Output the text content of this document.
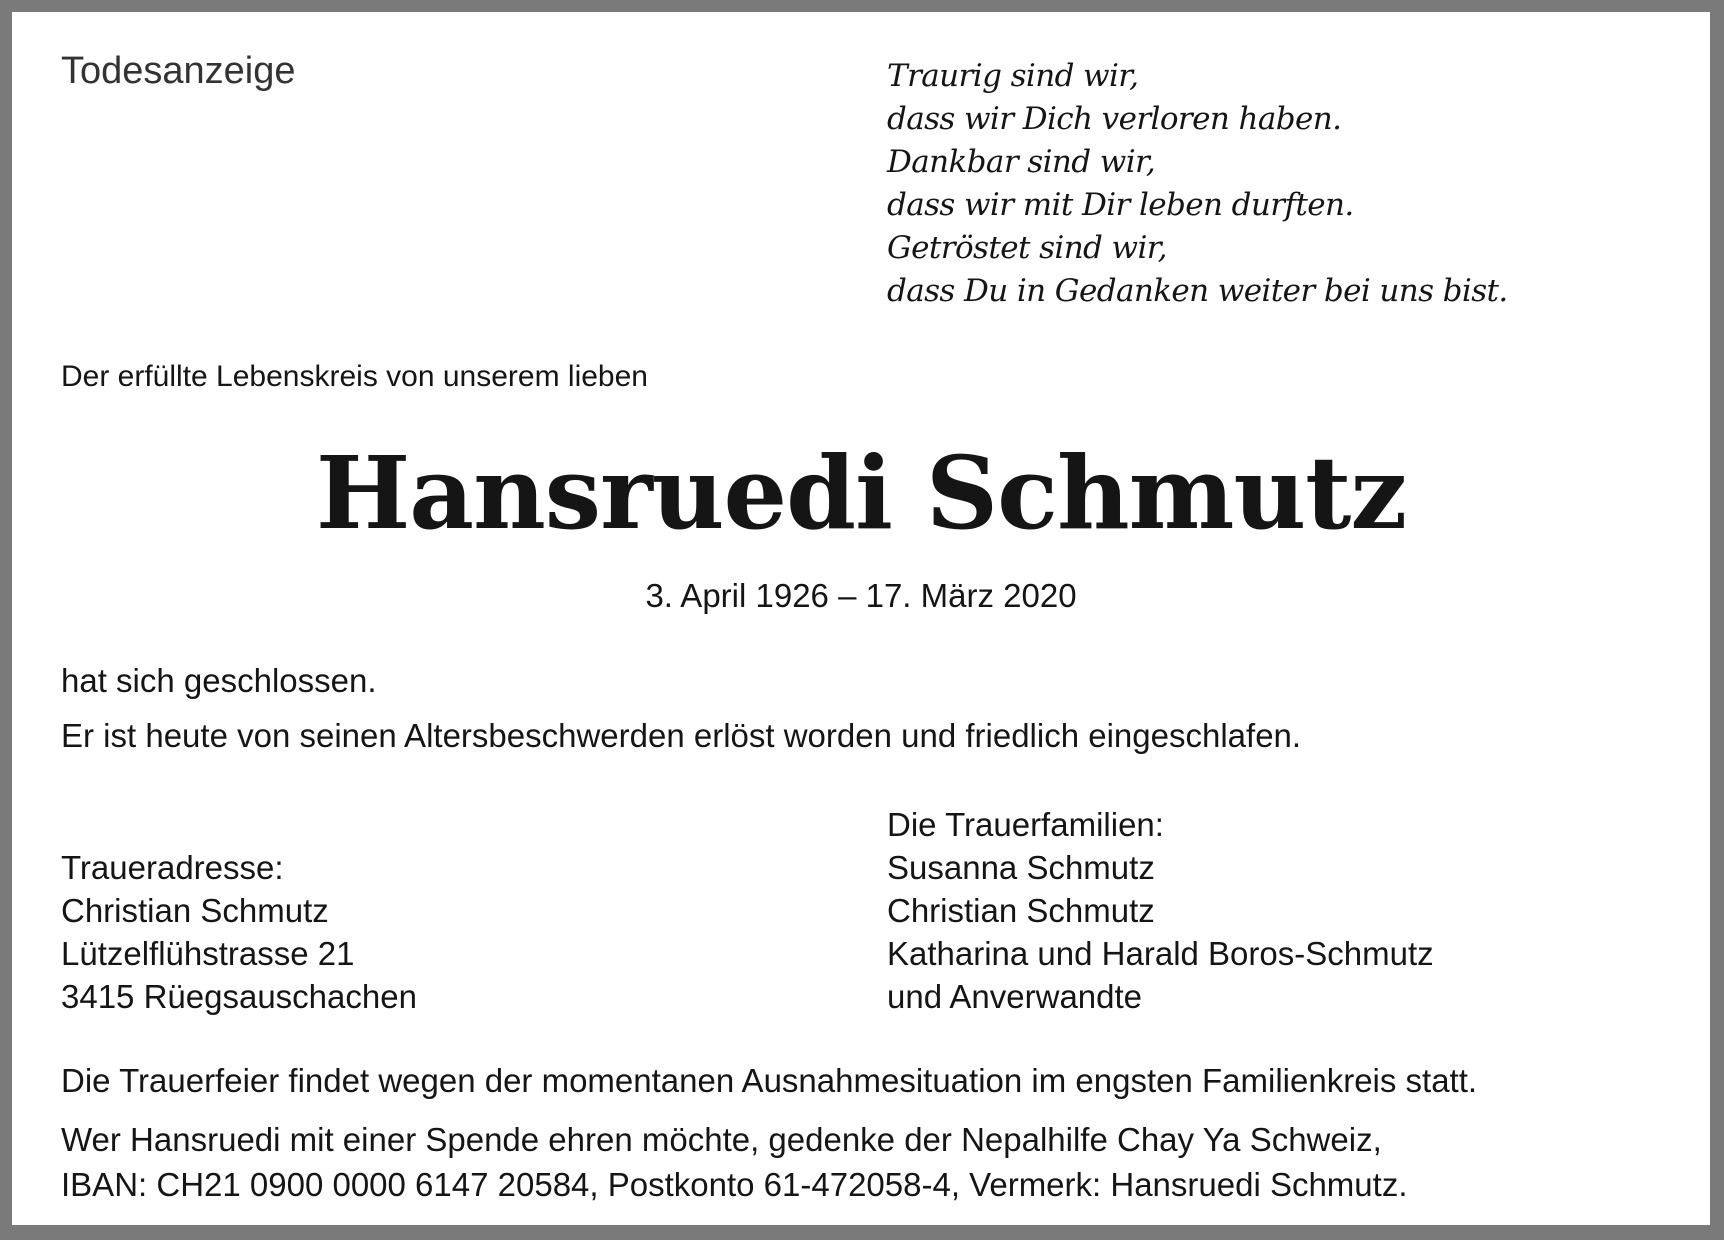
Todesanzeige	Traurig sind wir,
dass wir Dich verloren haben.
Dankbar sind wir,
dass wir mit Dir leben durften.
Getröstet sind wir,
dass Du in Gedanken weiter bei uns bist.

Der erfüllte Lebenskreis von unserem lieben

Hansruedi Schmutz

3. April 1926 – 17. März 2020

hat sich geschlossen.

Er ist heute von seinen Altersbeschwerden erlöst worden und friedlich eingeschlafen.

Traueradresse:
Christian Schmutz
Lützelflühstrasse 21
3415 Rüegsauschachen
Die Trauerfamilien:
Susanna Schmutz
Christian Schmutz
Katharina und Harald Boros-Schmutz
und Anverwandte

Die Trauerfeier findet wegen der momentanen Ausnahmesituation im engsten Familienkreis statt.

Wer Hansruedi mit einer Spende ehren möchte, gedenke der Nepalhilfe Chay Ya Schweiz,
IBAN: CH21 0900 0000 6147 20584, Postkonto 61-472058-4, Vermerk: Hansruedi Schmutz.
